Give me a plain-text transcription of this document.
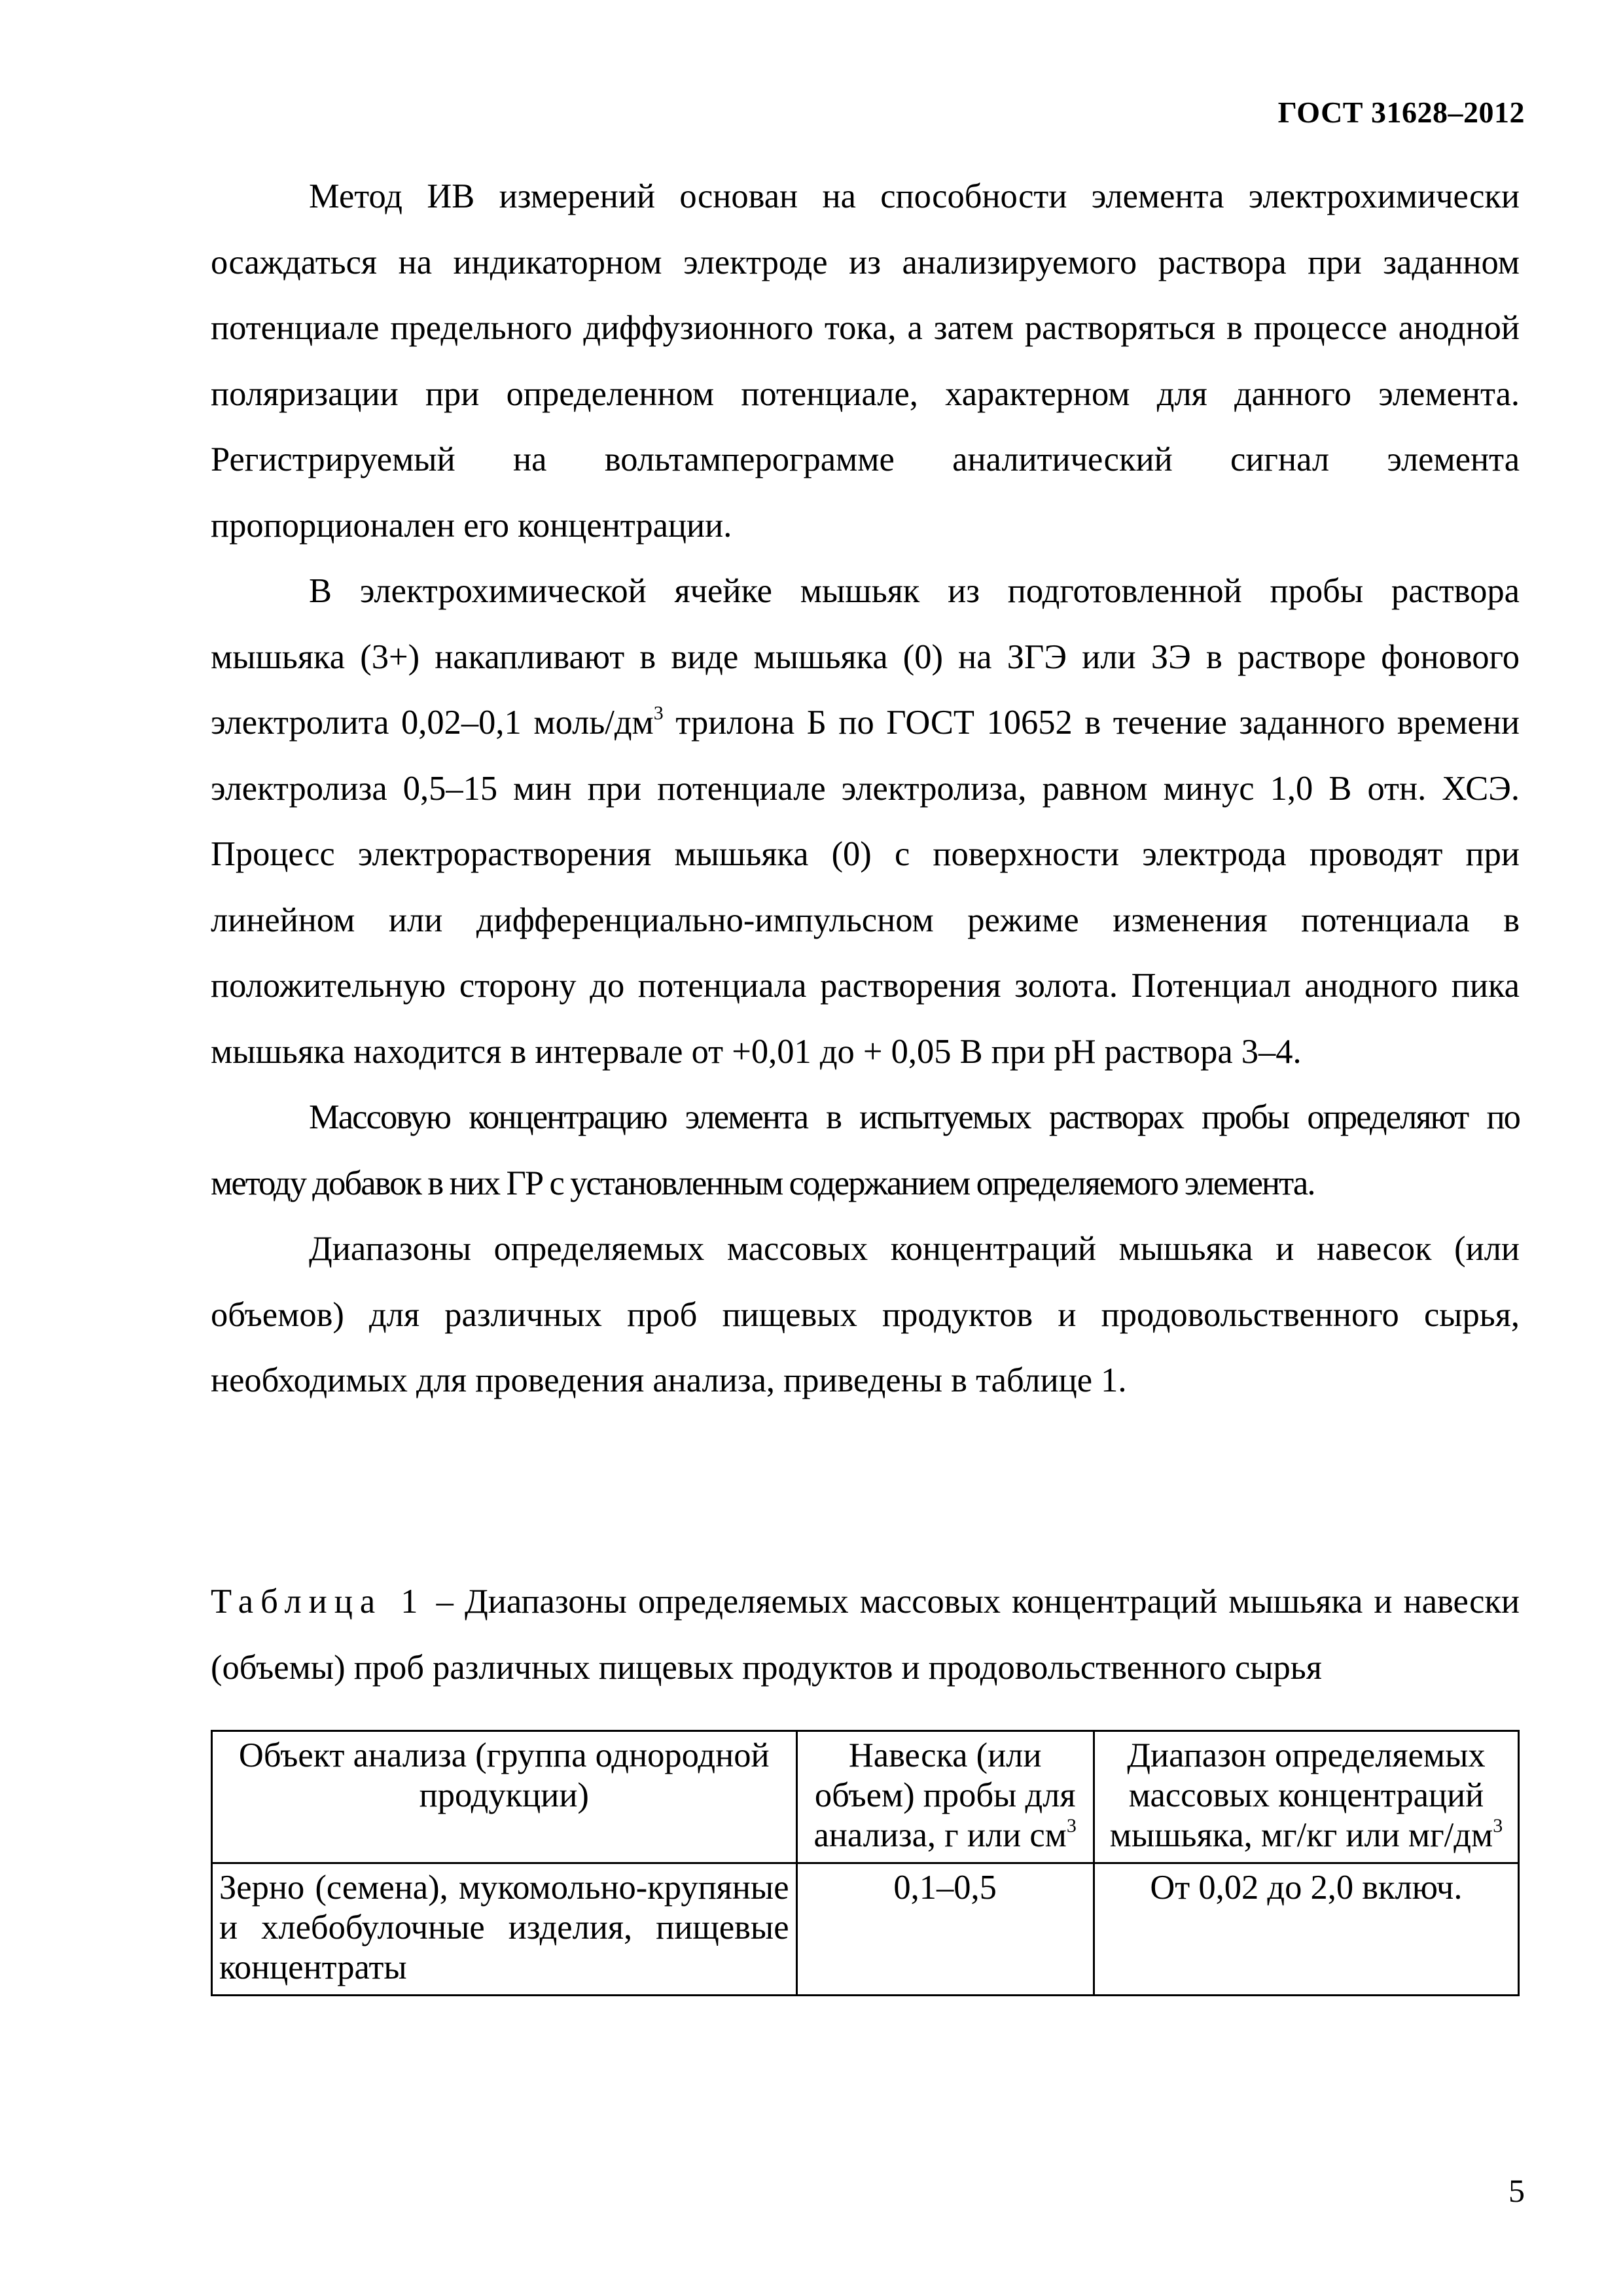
ГОСТ 31628–2012

Метод ИВ измерений основан на способности элемента электрохимически осаждаться на индикаторном электроде из анализируемого раствора при заданном потенциале предельного диффузионного тока, а затем растворяться в процессе анодной поляризации при определенном потенциале, характерном для данного элемента. Регистрируемый на вольтамперограмме аналитический сигнал элемента пропорционален его концентрации.

В электрохимической ячейке мышьяк из подготовленной пробы раствора мышьяка (3+) накапливают в виде мышьяка (0) на ЗГЭ или ЗЭ в растворе фонового электролита 0,02–0,1 моль/$дм^3$ трилона Б по ГОСТ 10652 в течение заданного времени электролиза 0,5–15 мин при потенциале электролиза, равном минус 1,0 В отн. ХСЭ. Процесс электрорастворения мышьяка (0) с поверхности электрода проводят при линейном или дифференциально-импульсном режиме изменения потенциала в положительную сторону до потенциала растворения золота. Потенциал анодного пика мышьяка находится в интервале от +0,01 до + 0,05 В при рН раствора 3–4.

Массовую концентрацию элемента в испытуемых растворах пробы определяют по методу добавок в них ГР с установленным содержанием определяемого элемента.

Диапазоны определяемых массовых концентраций мышьяка и навесок (или объемов) для различных проб пищевых продуктов и продовольственного сырья, необходимых для проведения анализа, приведены в таблице 1.

Таблица 1 – Диапазоны определяемых массовых концентраций мышьяка и навески (объемы) проб различных пищевых продуктов и продовольственного сырья
Объект анализа (группа однородной продукции)	Навеска (или объем) пробы для анализа, г или $см^3$	Диапазон определяемых массовых концентраций мышьяка, мг/кг или $мг/дм^3$
Зерно (семена), мукомольно-крупяные и хлебобулочные изделия, пищевые концентраты	0,1–0,5	От 0,02 до 2,0 включ.
5
